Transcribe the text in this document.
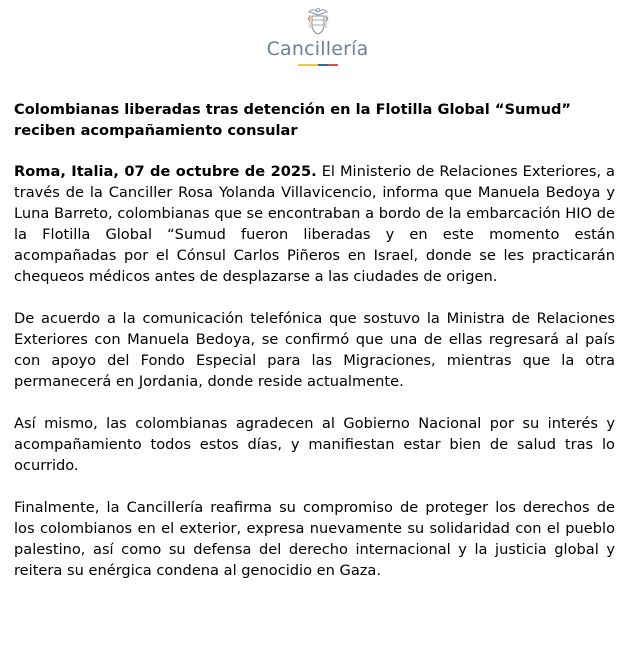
Cancillería

Colombianas liberadas tras detención en la Flotilla Global “Sumud” reciben acompañamiento consular

Roma, Italia, 07 de octubre de 2025. El Ministerio de Relaciones Exteriores, a través de la Canciller Rosa Yolanda Villavicencio, informa que Manuela Bedoya y Luna Barreto, colombianas que se encontraban a bordo de la embarcación HIO de la Flotilla Global “Sumud fueron liberadas y en este momento están acompañadas por el Cónsul Carlos Piñeros en Israel, donde se les practicarán chequeos médicos antes de desplazarse a las ciudades de origen.

De acuerdo a la comunicación telefónica que sostuvo la Ministra de Relaciones Exteriores con Manuela Bedoya, se confirmó que una de ellas regresará al país con apoyo del Fondo Especial para las Migraciones, mientras que la otra permanecerá en Jordania, donde reside actualmente.

Así mismo, las colombianas agradecen al Gobierno Nacional por su interés y acompañamiento todos estos días, y manifiestan estar bien de salud tras lo ocurrido.

Finalmente, la Cancillería reafirma su compromiso de proteger los derechos de los colombianos en el exterior, expresa nuevamente su solidaridad con el pueblo palestino, así como su defensa del derecho internacional y la justicia global y reitera su enérgica condena al genocidio en Gaza.
